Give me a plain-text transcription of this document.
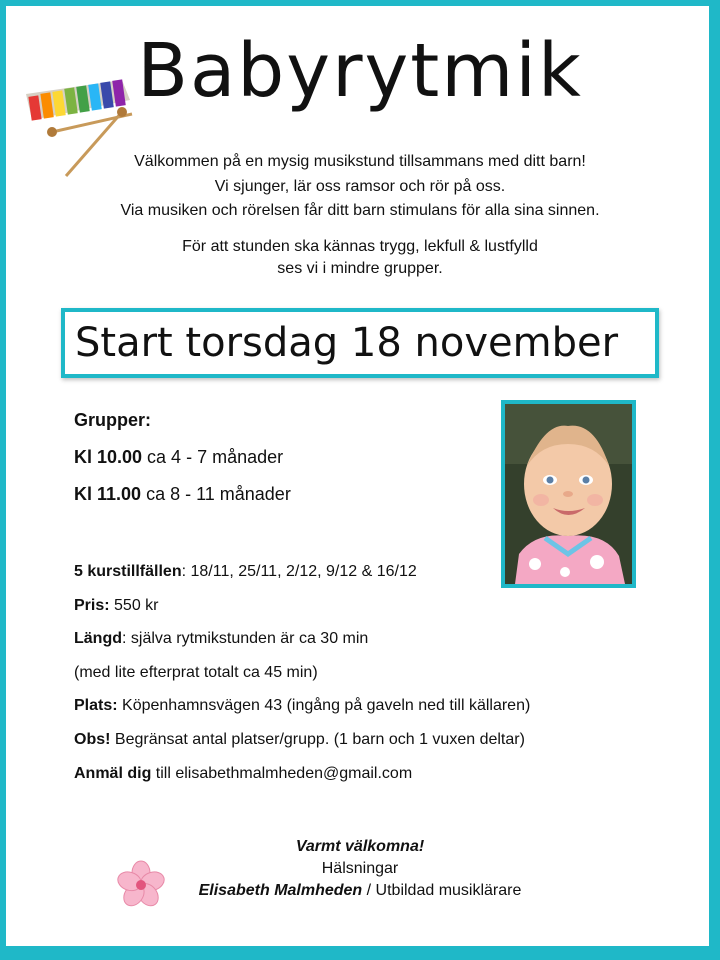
Babyrytmik
Välkommen på en mysig musikstund tillsammans med ditt barn!
Vi sjunger, lär oss ramsor och rör på oss.
Via musiken och rörelsen får ditt barn stimulans för alla sina sinnen.
För att stunden ska kännas trygg, lekfull & lustfylld
ses vi i mindre grupper.
Start torsdag 18 november
Grupper:
Kl 10.00 ca 4 - 7 månader
Kl 11.00 ca 8 - 11 månader
5 kurstillfällen: 18/11, 25/11, 2/12, 9/12 & 16/12
Pris: 550 kr
Längd: själva rytmikstunden är ca 30 min
(med lite efterprat totalt ca 45 min)
Plats: Köpenhamnsvägen 43 (ingång på gaveln ned till källaren)
Obs! Begränsat antal platser/grupp. (1 barn och 1 vuxen deltar)
Anmäl dig till elisabethmalmheden@gmail.com
Varmt välkomna!
Hälsningar
Elisabeth Malmheden / Utbildad musiklärare
